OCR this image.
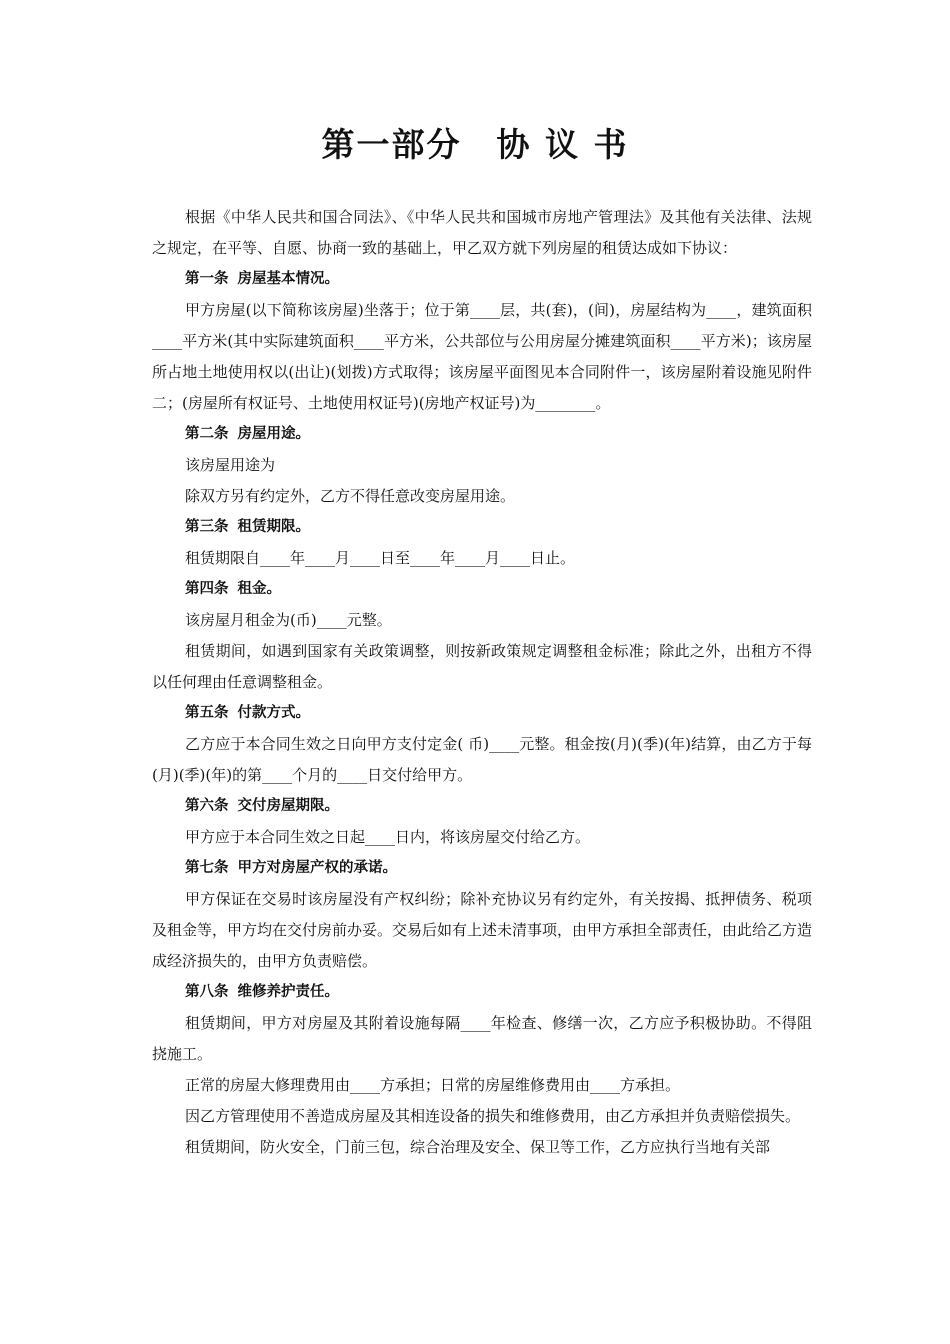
第一部分　协 议 书
根据《中华人民共和国合同法》、《中华人民共和国城市房地产管理法》及其他有关法律、法规之规定，在平等、自愿、协商一致的基础上，甲乙双方就下列房屋的租赁达成如下协议：
第一条 房屋基本情况。
甲方房屋(以下简称该房屋)坐落于；位于第____层，共(套)，(间)，房屋结构为____，建筑面积____平方米(其中实际建筑面积____平方米，公共部位与公用房屋分摊建筑面积____平方米)；该房屋所占地土地使用权以(出让)(划拨)方式取得；该房屋平面图见本合同附件一，该房屋附着设施见附件二；(房屋所有权证号、土地使用权证号)(房地产权证号)为________。
第二条 房屋用途。
该房屋用途为
除双方另有约定外，乙方不得任意改变房屋用途。
第三条 租赁期限。
租赁期限自____年____月____日至____年____月____日止。
第四条 租金。
该房屋月租金为(币)____元整。
租赁期间，如遇到国家有关政策调整，则按新政策规定调整租金标准；除此之外，出租方不得以任何理由任意调整租金。
第五条 付款方式。
乙方应于本合同生效之日向甲方支付定金( 币)____元整。租金按(月)(季)(年)结算，由乙方于每(月)(季)(年)的第____个月的____日交付给甲方。
第六条 交付房屋期限。
甲方应于本合同生效之日起____日内，将该房屋交付给乙方。
第七条 甲方对房屋产权的承诺。
甲方保证在交易时该房屋没有产权纠纷；除补充协议另有约定外，有关按揭、抵押债务、税项及租金等，甲方均在交付房前办妥。交易后如有上述未清事项，由甲方承担全部责任，由此给乙方造成经济损失的，由甲方负责赔偿。
第八条 维修养护责任。
租赁期间，甲方对房屋及其附着设施每隔____年检查、修缮一次，乙方应予积极协助。不得阻挠施工。
正常的房屋大修理费用由____方承担；日常的房屋维修费用由____方承担。
因乙方管理使用不善造成房屋及其相连设备的损失和维修费用，由乙方承担并负责赔偿损失。
租赁期间，防火安全，门前三包，综合治理及安全、保卫等工作，乙方应执行当地有关部
